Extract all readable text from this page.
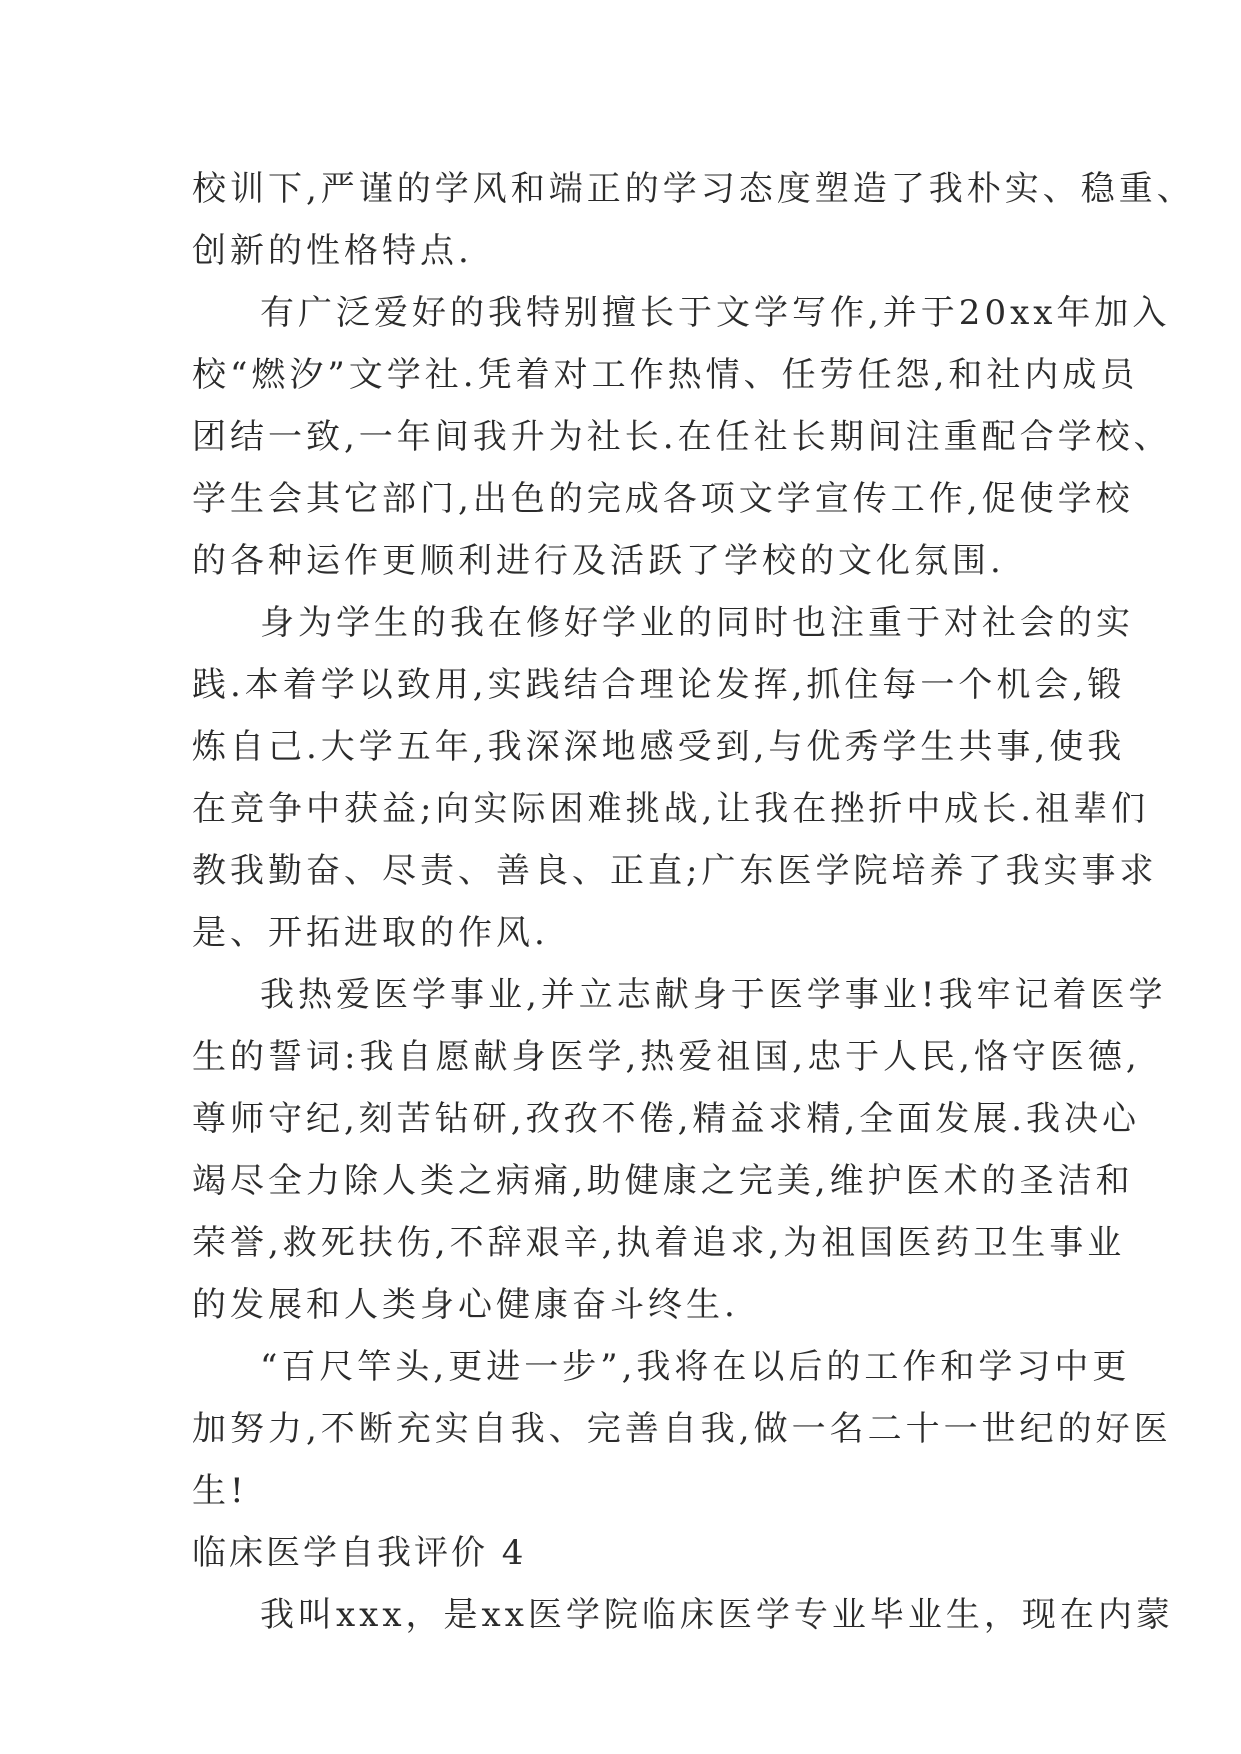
校训下,严谨的学风和端正的学习态度塑造了我朴实、稳重、
创新的性格特点.
有广泛爱好的我特别擅长于文学写作,并于20xx年加入
校“燃汐”文学社.凭着对工作热情、任劳任怨,和社内成员
团结一致,一年间我升为社长.在任社长期间注重配合学校、
学生会其它部门,出色的完成各项文学宣传工作,促使学校
的各种运作更顺利进行及活跃了学校的文化氛围.
身为学生的我在修好学业的同时也注重于对社会的实
践.本着学以致用,实践结合理论发挥,抓住每一个机会,锻
炼自己.大学五年,我深深地感受到,与优秀学生共事,使我
在竞争中获益;向实际困难挑战,让我在挫折中成长.祖辈们
教我勤奋、尽责、善良、正直;广东医学院培养了我实事求
是、开拓进取的作风.
我热爱医学事业,并立志献身于医学事业!我牢记着医学
生的誓词:我自愿献身医学,热爱祖国,忠于人民,恪守医德,
尊师守纪,刻苦钻研,孜孜不倦,精益求精,全面发展.我决心
竭尽全力除人类之病痛,助健康之完美,维护医术的圣洁和
荣誉,救死扶伤,不辞艰辛,执着追求,为祖国医药卫生事业
的发展和人类身心健康奋斗终生.
“百尺竿头,更进一步”,我将在以后的工作和学习中更
加努力,不断充实自我、完善自我,做一名二十一世纪的好医
生!
临床医学自我评价 4
我叫xxx，是xx医学院临床医学专业毕业生，现在内蒙
